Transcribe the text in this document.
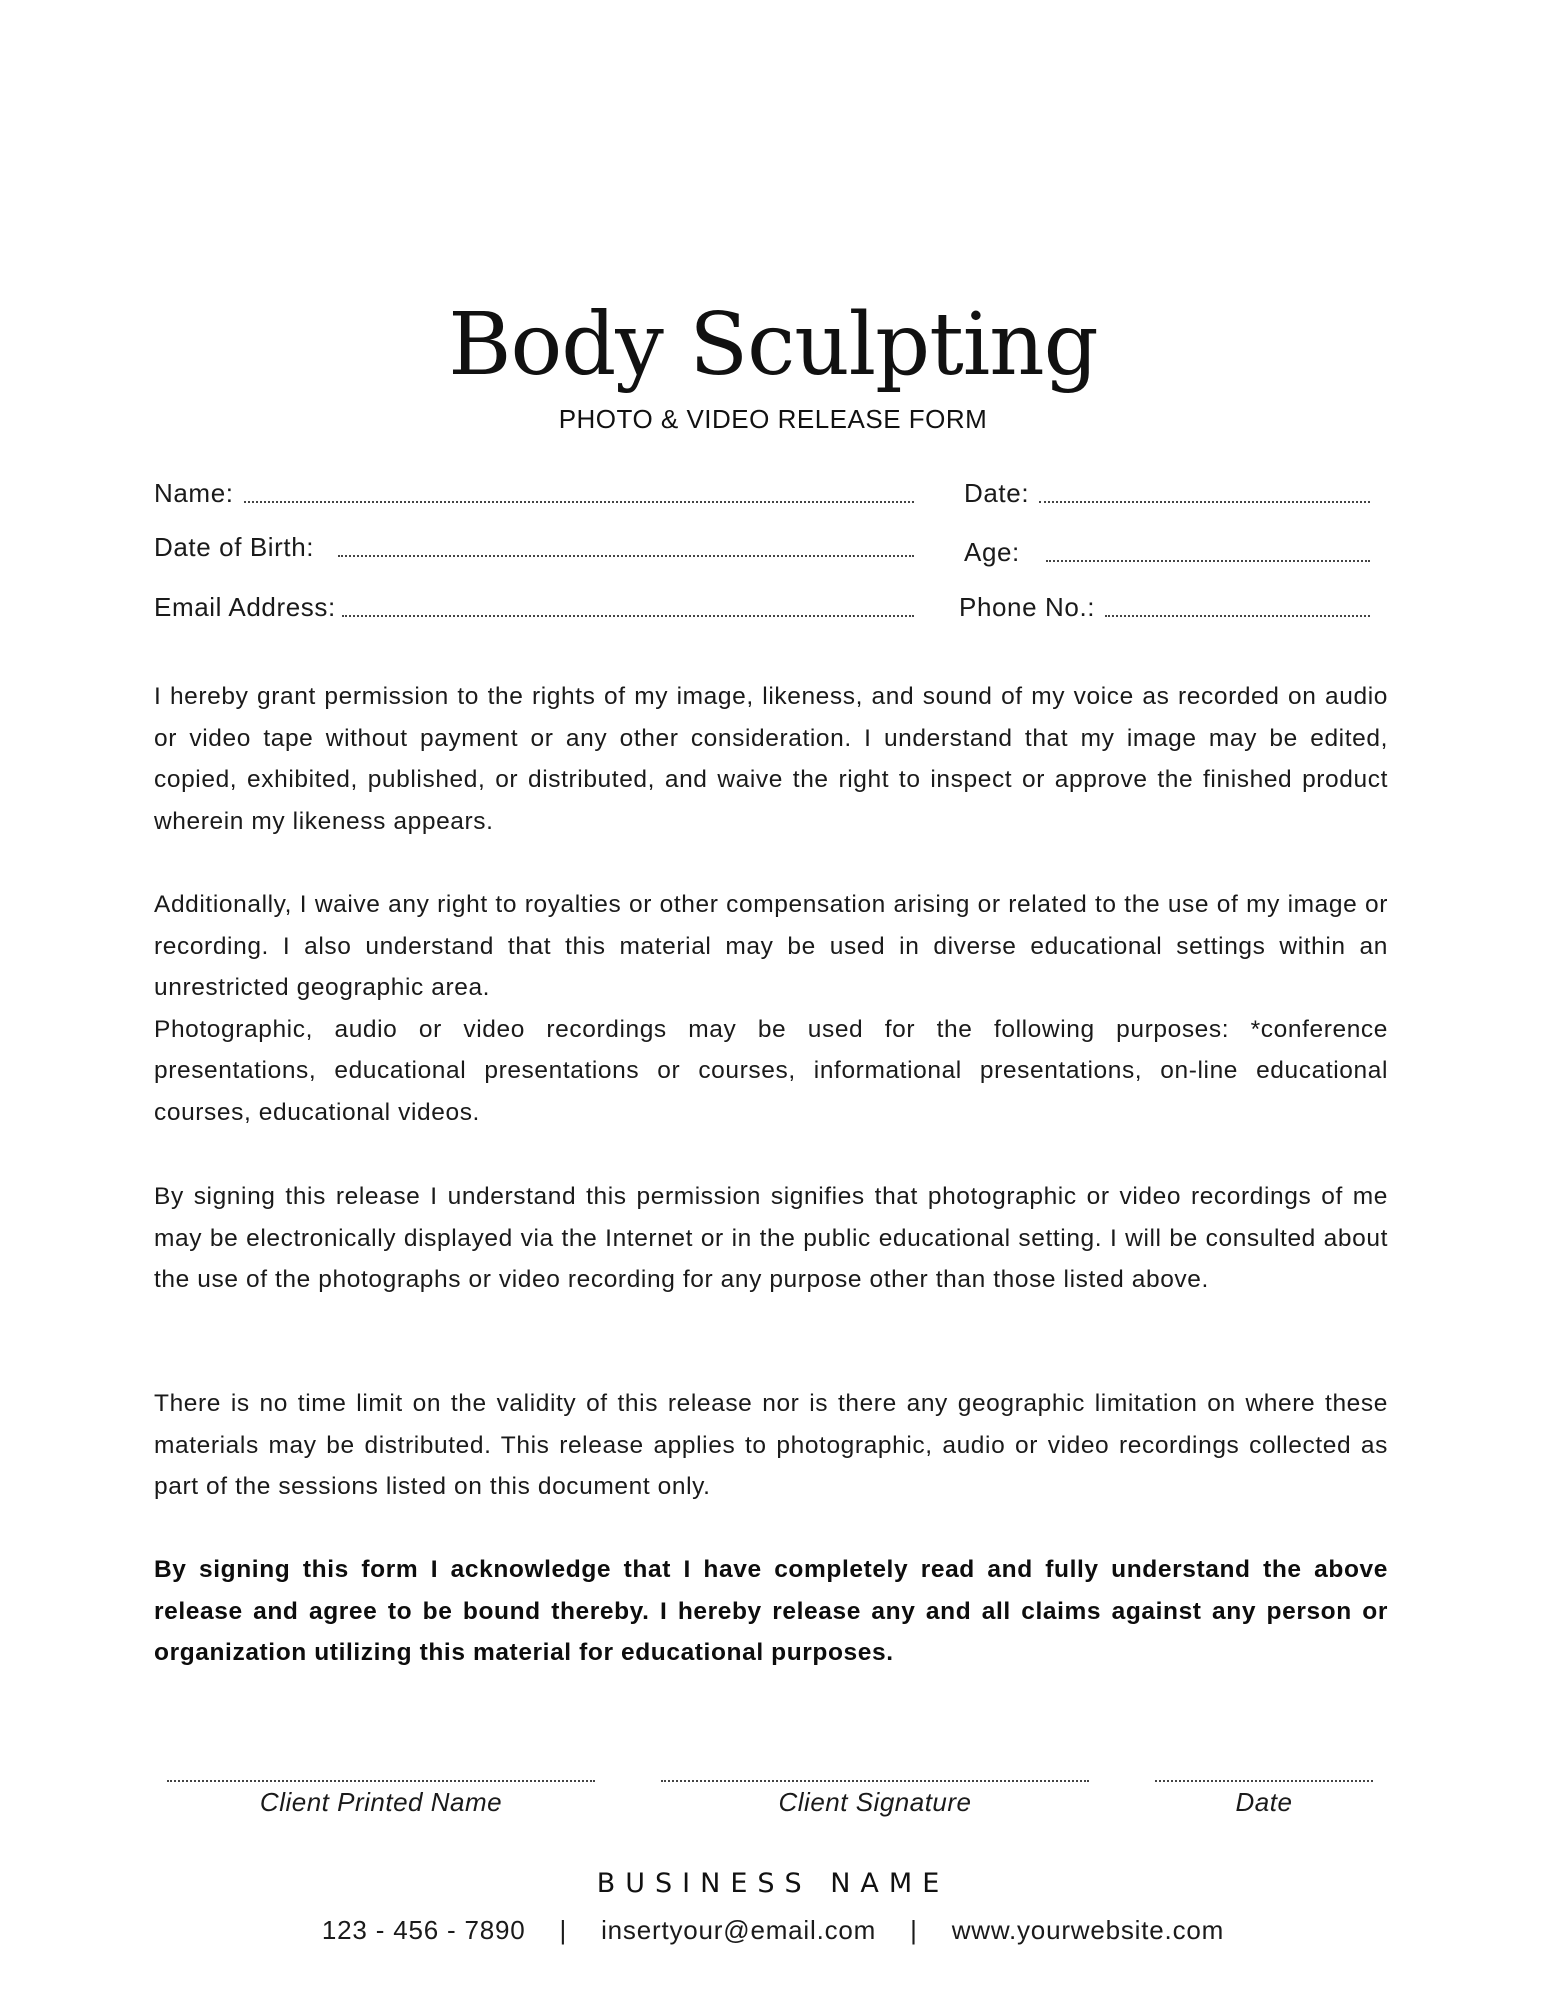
Body Sculpting
PHOTO & VIDEO RELEASE FORM
Name:	Date:
Date of Birth:	Age:
Email Address:	Phone No.:

I hereby grant permission to the rights of my image, likeness, and sound of my voice as recorded on audio or video tape without payment or any other consideration. I understand that my image may be edited, copied, exhibited, published, or distributed, and waive the right to inspect or approve the finished product wherein my likeness appears.

Additionally, I waive any right to royalties or other compensation arising or related to the use of my image or recording. I also understand that this material may be used in diverse educational settings within an unrestricted geographic area.

Photographic, audio or video recordings may be used for the following purposes: *conference presentations, educational presentations or courses, informational presentations, on-line educational courses, educational videos.

By signing this release I understand this permission signifies that photographic or video recordings of me may be electronically displayed via the Internet or in the public educational setting. I will be consulted about the use of the photographs or video recording for any purpose other than those listed above.

There is no time limit on the validity of this release nor is there any geographic limitation on where these materials may be distributed. This release applies to photographic, audio or video recordings collected as part of the sessions listed on this document only.

By signing this form I acknowledge that I have completely read and fully understand the above release and agree to be bound thereby. I hereby release any and all claims against any person or organization utilizing this material for educational purposes.

Client Printed Name	Client Signature	Date
BUSINESS NAME
123 - 456 - 7890 | insertyour@email.com | www.yourwebsite.com
